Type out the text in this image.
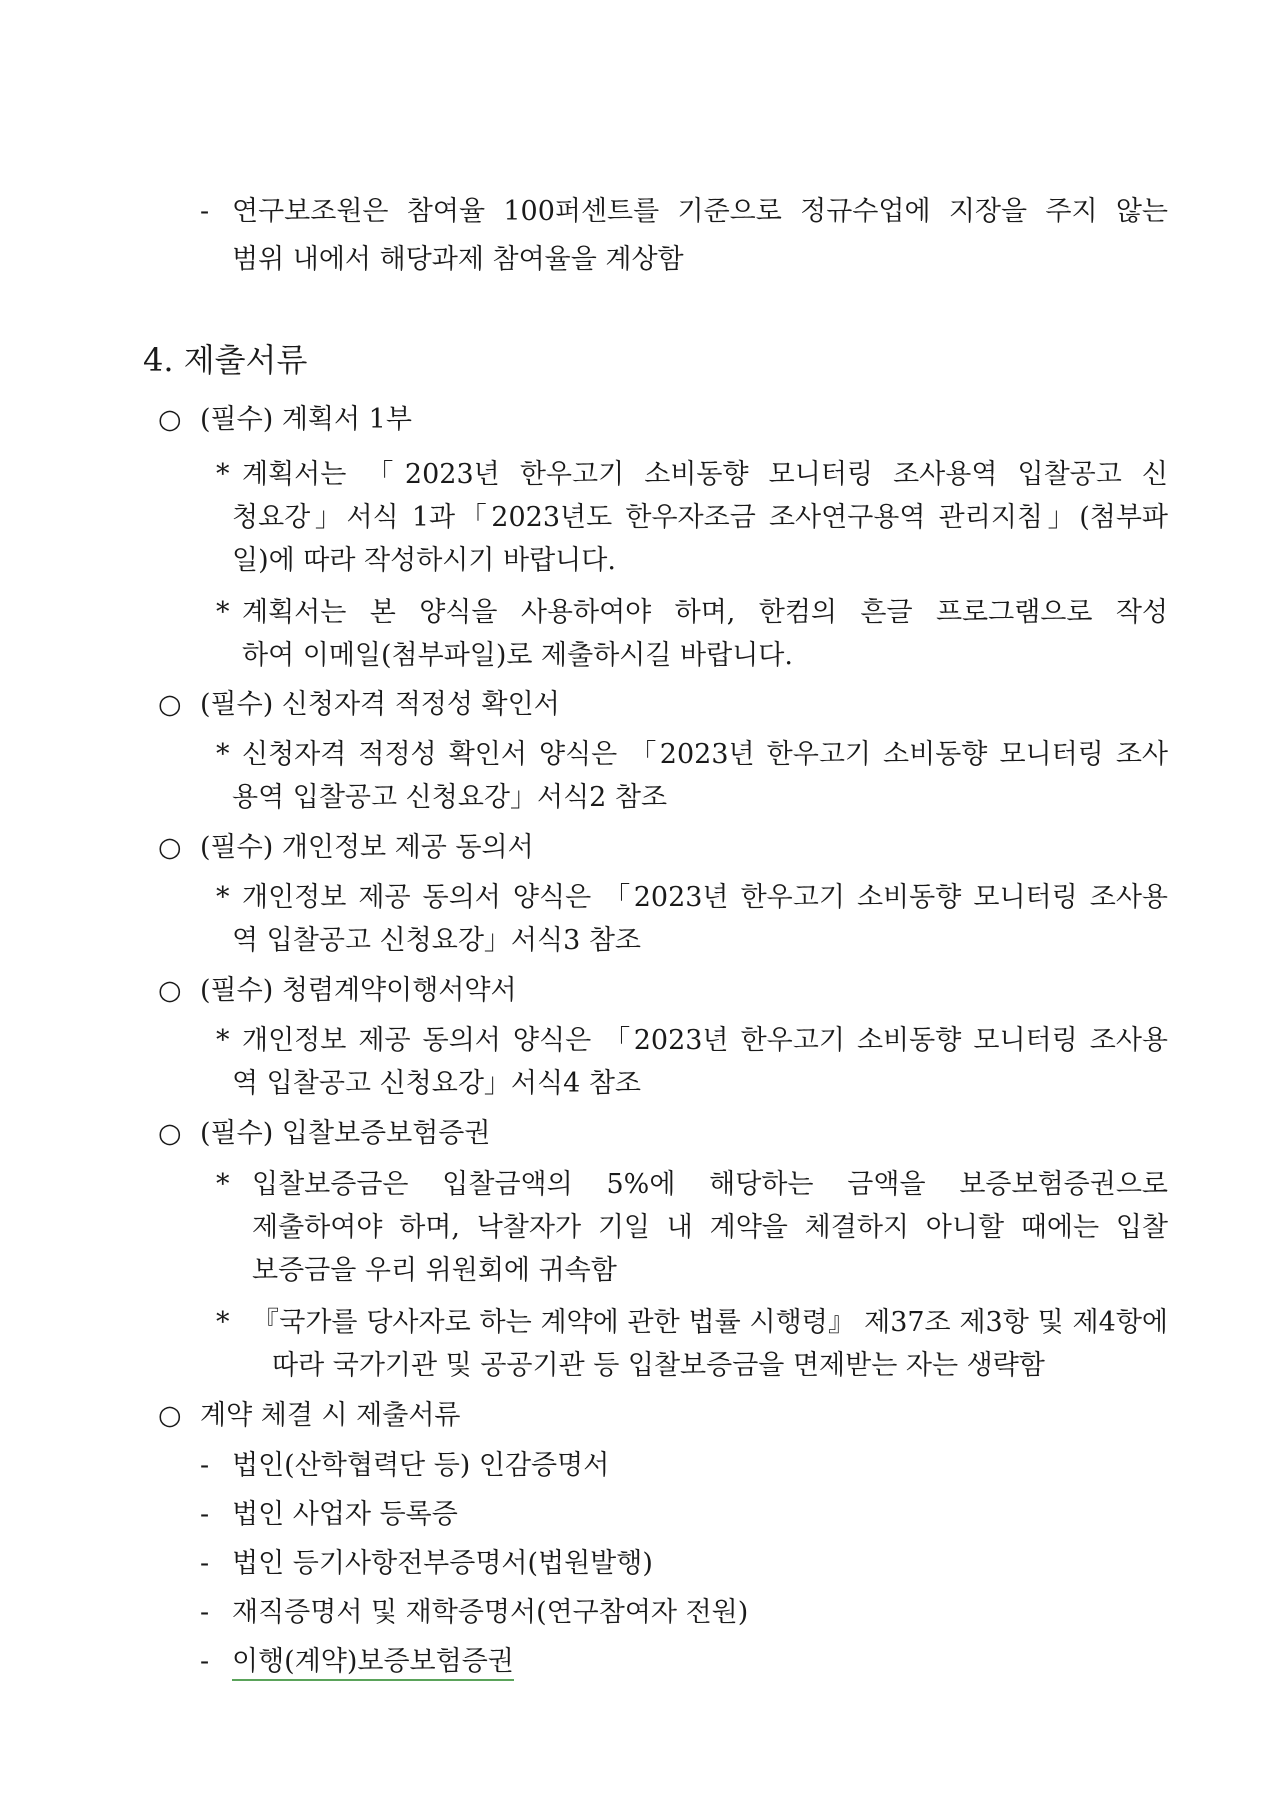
- 연구보조원은 참여율 100퍼센트를 기준으로 정규수업에 지장을 주지 않는
범위 내에서 해당과제 참여율을 계상함
4. 제출서류
○ (필수) 계획서 1부
* 계획서는 「2023년 한우고기 소비동향 모니터링 조사용역 입찰공고 신
청요강」서식 1과「2023년도 한우자조금 조사연구용역 관리지침」(첨부파
일)에 따라 작성하시기 바랍니다.
* 계획서는 본 양식을 사용하여야 하며, 한컴의 흔글 프로그램으로 작성
하여 이메일(첨부파일)로 제출하시길 바랍니다.
○ (필수) 신청자격 적정성 확인서
* 신청자격 적정성 확인서 양식은 「2023년 한우고기 소비동향 모니터링 조사
용역 입찰공고 신청요강」서식2 참조
○ (필수) 개인정보 제공 동의서
* 개인정보 제공 동의서 양식은 「2023년 한우고기 소비동향 모니터링 조사용
역 입찰공고 신청요강」서식3 참조
○ (필수) 청렴계약이행서약서
* 개인정보 제공 동의서 양식은 「2023년 한우고기 소비동향 모니터링 조사용
역 입찰공고 신청요강」서식4 참조
○ (필수) 입찰보증보험증권
* 입찰보증금은 입찰금액의 5%에 해당하는 금액을 보증보험증권으로
제출하여야 하며, 낙찰자가 기일 내 계약을 체결하지 아니할 때에는 입찰
보증금을 우리 위원회에 귀속함
* 『국가를 당사자로 하는 계약에 관한 법률 시행령』 제37조 제3항 및 제4항에
따라 국가기관 및 공공기관 등 입찰보증금을 면제받는 자는 생략함
○ 계약 체결 시 제출서류
- 법인(산학협력단 등) 인감증명서
- 법인 사업자 등록증
- 법인 등기사항전부증명서(법원발행)
- 재직증명서 및 재학증명서(연구참여자 전원)
- 이행(계약)보증보험증권
